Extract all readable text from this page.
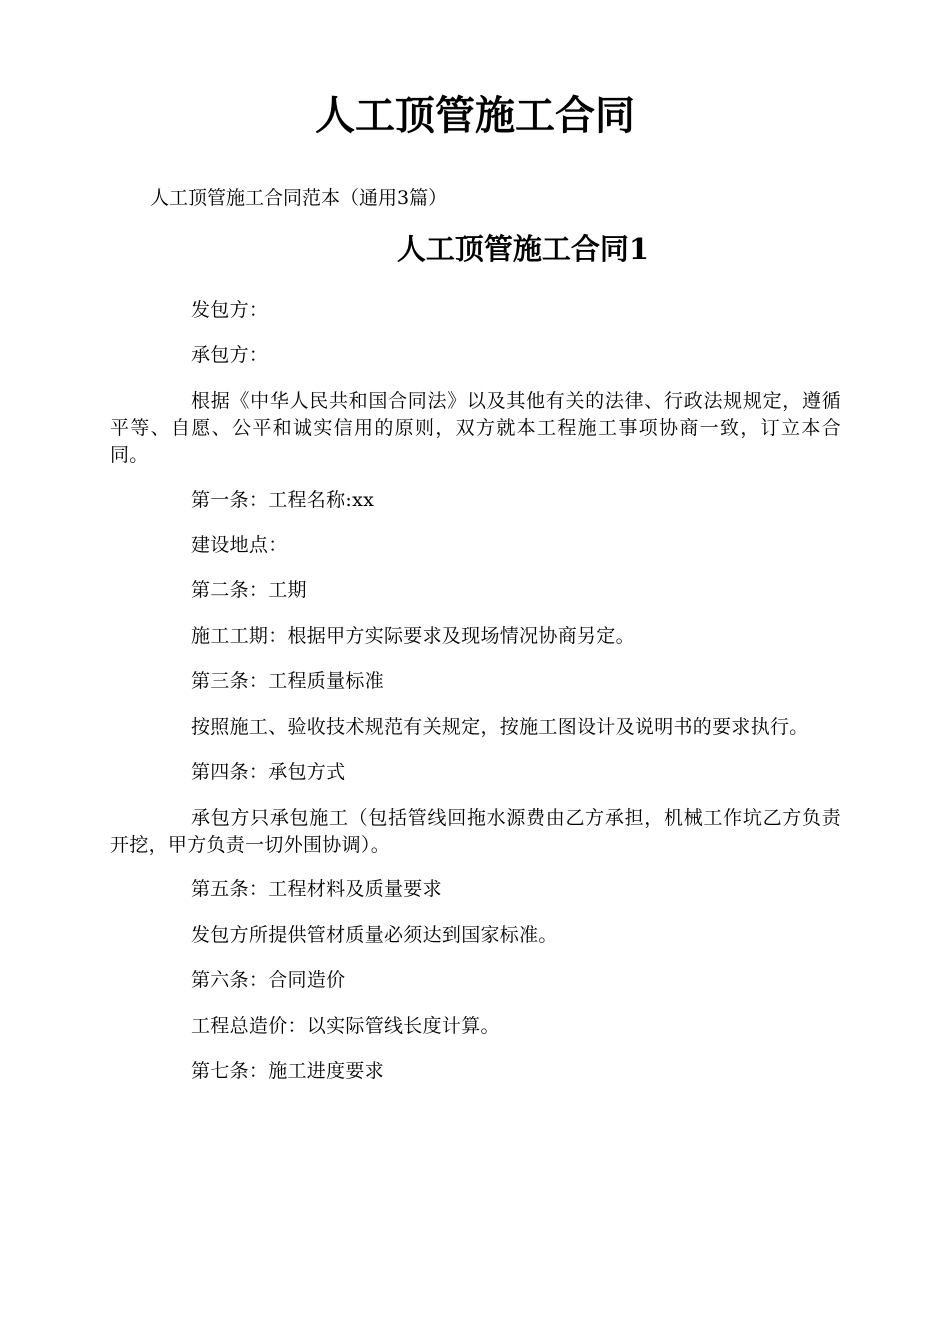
人工顶管施工合同

人工顶管施工合同范本（通用3篇）

人工顶管施工合同1

发包方：

承包方：

根据《中华人民共和国合同法》以及其他有关的法律、行政法规规定，遵循平等、自愿、公平和诚实信用的原则，双方就本工程施工事项协商一致，订立本合同。

第一条：工程名称:xx

建设地点：

第二条：工期

施工工期：根据甲方实际要求及现场情况协商另定。

第三条：工程质量标准

按照施工、验收技术规范有关规定，按施工图设计及说明书的要求执行。

第四条：承包方式

承包方只承包施工（包括管线回拖水源费由乙方承担，机械工作坑乙方负责开挖，甲方负责一切外围协调）。

第五条：工程材料及质量要求

发包方所提供管材质量必须达到国家标准。

第六条：合同造价

工程总造价：以实际管线长度计算。

第七条：施工进度要求
